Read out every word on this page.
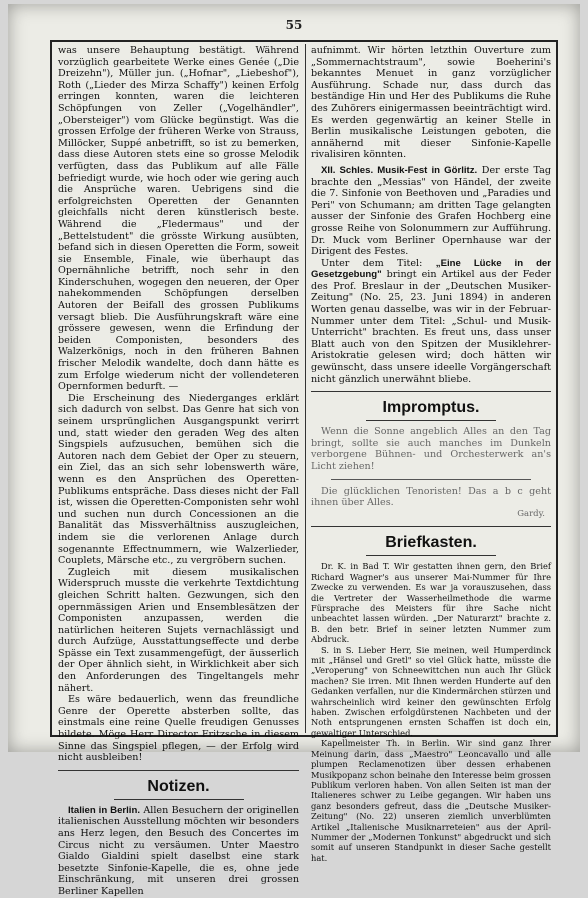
55

was unsere Behauptung bestätigt. Während vorzüglich gearbeitete Werke eines Genée („Die Dreizehn"), Müller jun. („Hofnar", „Liebeshof"), Roth („Lieder des Mirza Schaffy") keinen Erfolg erringen konnten, waren die leichteren Schöpfungen von Zeller („Vogelhändler", „Obersteiger") vom Glücke begünstigt. Was die grossen Erfolge der früheren Werke von Strauss, Millöcker, Suppé anbetrifft, so ist zu bemerken, dass diese Autoren stets eine so grosse Melodik verfügten, dass das Publikum auf alle Fälle befriedigt wurde, wie hoch oder wie gering auch die Ansprüche waren. Uebrigens sind die erfolgreichsten Operetten der Genannten gleichfalls nicht deren künstlerisch beste. Während die „Fledermaus" und der „Bettelstudent" die grösste Wirkung ausübten, befand sich in diesen Operetten die Form, soweit sie Ensemble, Finale, wie überhaupt das Opernähnliche betrifft, noch sehr in den Kinderschuhen, wogegen den neueren, der Oper nahekommenden Schöpfungen derselben Autoren der Beifall des grossen Publikums versagt blieb. Die Ausführungskraft wäre eine grössere gewesen, wenn die Erfindung der beiden Componisten, besonders des Walzerkönigs, noch in den früheren Bahnen frischer Melodik wandelte, doch dann hätte es zum Erfolge wiederum nicht der vollendeteren Opernformen bedurft. —

Die Erscheinung des Niederganges erklärt sich dadurch von selbst. Das Genre hat sich von seinem ursprünglichen Ausgangspunkt verirrt und, statt wieder den geraden Weg des alten Singspiels aufzusuchen, bemühen sich die Autoren nach dem Gebiet der Oper zu steuern, ein Ziel, das an sich sehr lobenswerth wäre, wenn es den Ansprüchen des Operetten-Publikums entspräche. Dass dieses nicht der Fall ist, wissen die Operetten-Componisten sehr wohl und suchen nun durch Concessionen an die Banalität das Missverhältniss auszugleichen, indem sie die verlorenen Anlage durch sogenannte Effectnummern, wie Walzerlieder, Couplets, Märsche etc., zu vergröbern suchen.

Zugleich mit diesem musikalischen Widerspruch musste die verkehrte Textdichtung gleichen Schritt halten. Gezwungen, sich den opernmässigen Arien und Ensemblesätzen der Componisten anzupassen, werden die natürlichen heiteren Sujets vernachlässigt und durch Aufzüge, Ausstattungseffecte und derbe Spässe ein Text zusammengefügt, der äusserlich der Oper ähnlich sieht, in Wirklichkeit aber sich den Anforderungen des Tingeltangels mehr nähert.

Es wäre bedauerlich, wenn das freundliche Genre der Operette absterben sollte, das einstmals eine reine Quelle freudigen Genusses bildete. Möge Herr Director Fritzsche in diesem Sinne das Singspiel pflegen, — der Erfolg wird nicht ausbleiben!

Notizen.

Italien in Berlin. Allen Besuchern der originellen italienischen Ausstellung möchten wir besonders ans Herz legen, den Besuch des Concertes im Circus nicht zu versäumen. Unter Maestro Gialdo Gialdini spielt daselbst eine stark besetzte Sinfonie-Kapelle, die es, ohne jede Einschränkung, mit unseren drei grossen Berliner Kapellen

aufnimmt. Wir hörten letzthin Ouverture zum „Sommernachtstraum", sowie Boeherini's bekanntes Menuet in ganz vorzüglicher Ausführung. Schade nur, dass durch das beständige Hin und Her des Publikums die Ruhe des Zuhörers einigermassen beeinträchtigt wird. Es werden gegenwärtig an keiner Stelle in Berlin musikalische Leistungen geboten, die annähernd mit dieser Sinfonie-Kapelle rivalisiren könnten.

XII. Schles. Musik-Fest in Görlitz. Der erste Tag brachte den „Messias" von Händel, der zweite die 7. Sinfonie von Beethoven und „Paradies und Peri" von Schumann; am dritten Tage gelangten ausser der Sinfonie des Grafen Hochberg eine grosse Reihe von Solonummern zur Aufführung. Dr. Muck vom Berliner Opernhause war der Dirigent des Festes.

Unter dem Titel: „Eine Lücke in der Gesetzgebung" bringt ein Artikel aus der Feder des Prof. Breslaur in der „Deutschen Musiker-Zeitung" (No. 25, 23. Juni 1894) in anderen Worten genau dasselbe, was wir in der Februar-Nummer unter dem Titel: „Schul- und Musik-Unterricht" brachten. Es freut uns, dass unser Blatt auch von den Spitzen der Musiklehrer-Aristokratie gelesen wird; doch hätten wir gewünscht, dass unsere ideelle Vorgängerschaft nicht gänzlich unerwähnt bliebe.

Impromptus.

Wenn die Sonne angeblich Alles an den Tag bringt, sollte sie auch manches im Dunkeln verborgene Bühnen- und Orchesterwerk an's Licht ziehen!

Die glücklichen Tenoristen! Das a b c geht ihnen über Alles.

Gardy.
Briefkasten.

Dr. K. in Bad T. Wir gestatten ihnen gern, den Brief Richard Wagner's aus unserer Mai-Nummer für Ihre Zwecke zu verwenden. Es war ja vorauszusehen, dass die Vertreter der Wasserheilmethode die warme Fürsprache des Meisters für ihre Sache nicht unbeachtet lassen würden. „Der Naturarzt" brachte z. B. den betr. Brief in seiner letzten Nummer zum Abdruck.

S. in S. Lieber Herr, Sie meinen, weil Humperdinck mit „Hänsel und Gretl" so viel Glück hatte, müsste die „Veroperung" von Schneewittchen nun auch Ihr Glück machen? Sie irren. Mit Ihnen werden Hunderte auf den Gedanken verfallen, nur die Kindermärchen stürzen und wahrscheinlich wird keiner den gewünschten Erfolg haben. Zwischen erfolgdürstenen Nachbeten und der Noth entsprungenen ernsten Schaffen ist doch ein, gewaltiger Unterschied.

Kapellmeister Th. in Berlin. Wir sind ganz Ihrer Meinung darin, dass „Maestro" Leoncavallo und alle plumpen Reclamenotizen über dessen erhabenen Musikpopanz schon beinahe den Interesse beim grossen Publikum verloren haben. Von allen Seiten ist man der Italieneres schwer zu Leibe gegangen. Wir haben uns ganz besonders gefreut, dass die „Deutsche Musiker-Zeitung" (No. 22) unseren ziemlich unverblümten Artikel „Italienische Musiknarreteien" aus der April-Nummer der „Modernen Tonkunst" abgedruckt und sich somit auf unseren Standpunkt in dieser Sache gestellt hat.
